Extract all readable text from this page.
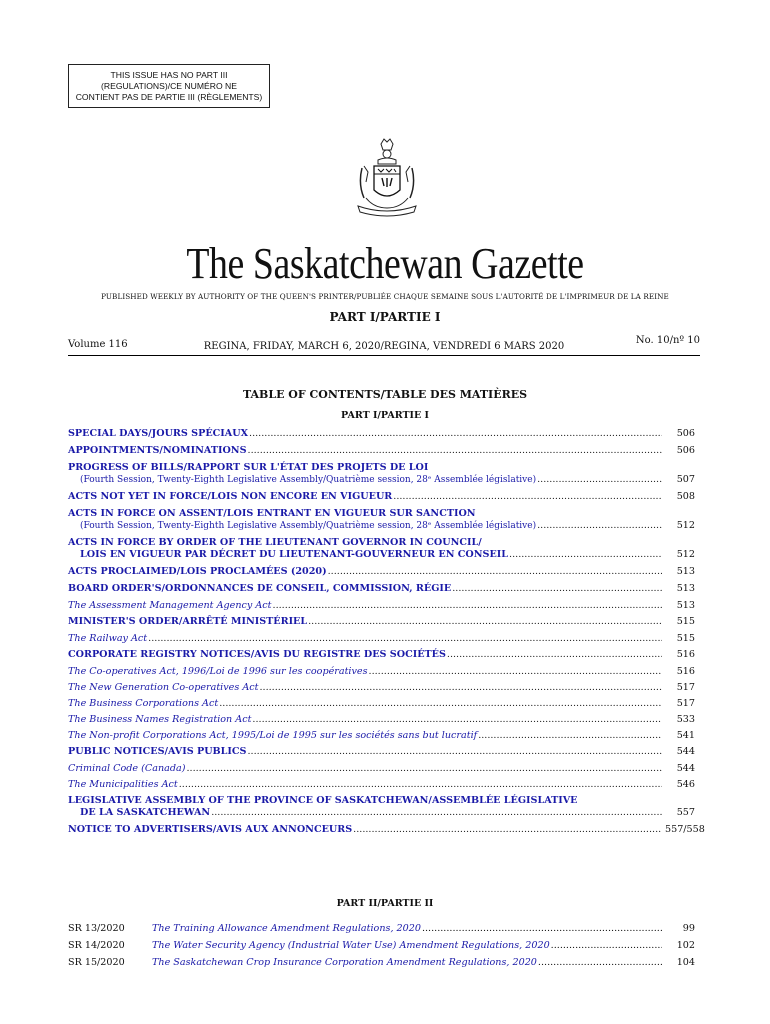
THIS ISSUE HAS NO PART III
(REGULATIONS)/CE NUMÉRO NE
CONTIENT PAS DE PARTIE III (RÈGLEMENTS)
The Saskatchewan Gazette
PUBLISHED WEEKLY BY AUTHORITY OF THE QUEEN'S PRINTER/PUBLIÉE CHAQUE SEMAINE SOUS L'AUTORITÉ DE L'IMPRIMEUR DE LA REINE
PART I/PARTIE I
Volume 116	REGINA, FRIDAY, MARCH 6, 2020/REGINA, VENDREDI 6 MARS 2020
No. 10/nº 10
TABLE OF CONTENTS/TABLE DES MATIÈRES
PART I/PARTIE I
SPECIAL DAYS/JOURS SPÉCIAUX .....	506
APPOINTMENTS/NOMINATIONS .....	506
PROGRESS OF BILLS/RAPPORT SUR L'ÉTAT DES PROJETS DE LOI
(Fourth Session, Twenty-Eighth Legislative Assembly/Quatrième session, 28ᵉ Assemblée législative) .....	507
ACTS NOT YET IN FORCE/LOIS NON ENCORE EN VIGUEUR .....	508
ACTS IN FORCE ON ASSENT/LOIS ENTRANT EN VIGUEUR SUR SANCTION
(Fourth Session, Twenty-Eighth Legislative Assembly/Quatrième session, 28ᵉ Assemblée législative) .....	512
ACTS IN FORCE BY ORDER OF THE LIEUTENANT GOVERNOR IN COUNCIL/
LOIS EN VIGUEUR PAR DÉCRET DU LIEUTENANT-GOUVERNEUR EN CONSEIL .....	512
ACTS PROCLAIMED/LOIS PROCLAMÉES (2020) .....	513
BOARD ORDER'S/ORDONNANCES DE CONSEIL, COMMISSION, RÉGIE .....	513
The Assessment Management Agency Act .....	513
MINISTER'S ORDER/ARRÊTÉ MINISTÉRIEL .....	515
The Railway Act .....	515
CORPORATE REGISTRY NOTICES/AVIS DU REGISTRE DES SOCIÉTÉS .....	516
The Co-operatives Act, 1996/Loi de 1996 sur les coopératives .....	516
The New Generation Co-operatives Act .....	517
The Business Corporations Act .....	517
The Business Names Registration Act .....	533
The Non-profit Corporations Act, 1995/Loi de 1995 sur les sociétés sans but lucratif .....	541
PUBLIC NOTICES/AVIS PUBLICS .....	544
Criminal Code (Canada) .....	544
The Municipalities Act .....	546
LEGISLATIVE ASSEMBLY OF THE PROVINCE OF SASKATCHEWAN/ASSEMBLÉE LÉGISLATIVE
DE LA SASKATCHEWAN .....	557
NOTICE TO ADVERTISERS/AVIS AUX ANNONCEURS .....	557/558
PART II/PARTIE II
SR 13/2020	The Training Allowance Amendment Regulations, 2020 .....	99
SR 14/2020	The Water Security Agency (Industrial Water Use) Amendment Regulations, 2020 .....	102
SR 15/2020	The Saskatchewan Crop Insurance Corporation Amendment Regulations, 2020 .....	104
